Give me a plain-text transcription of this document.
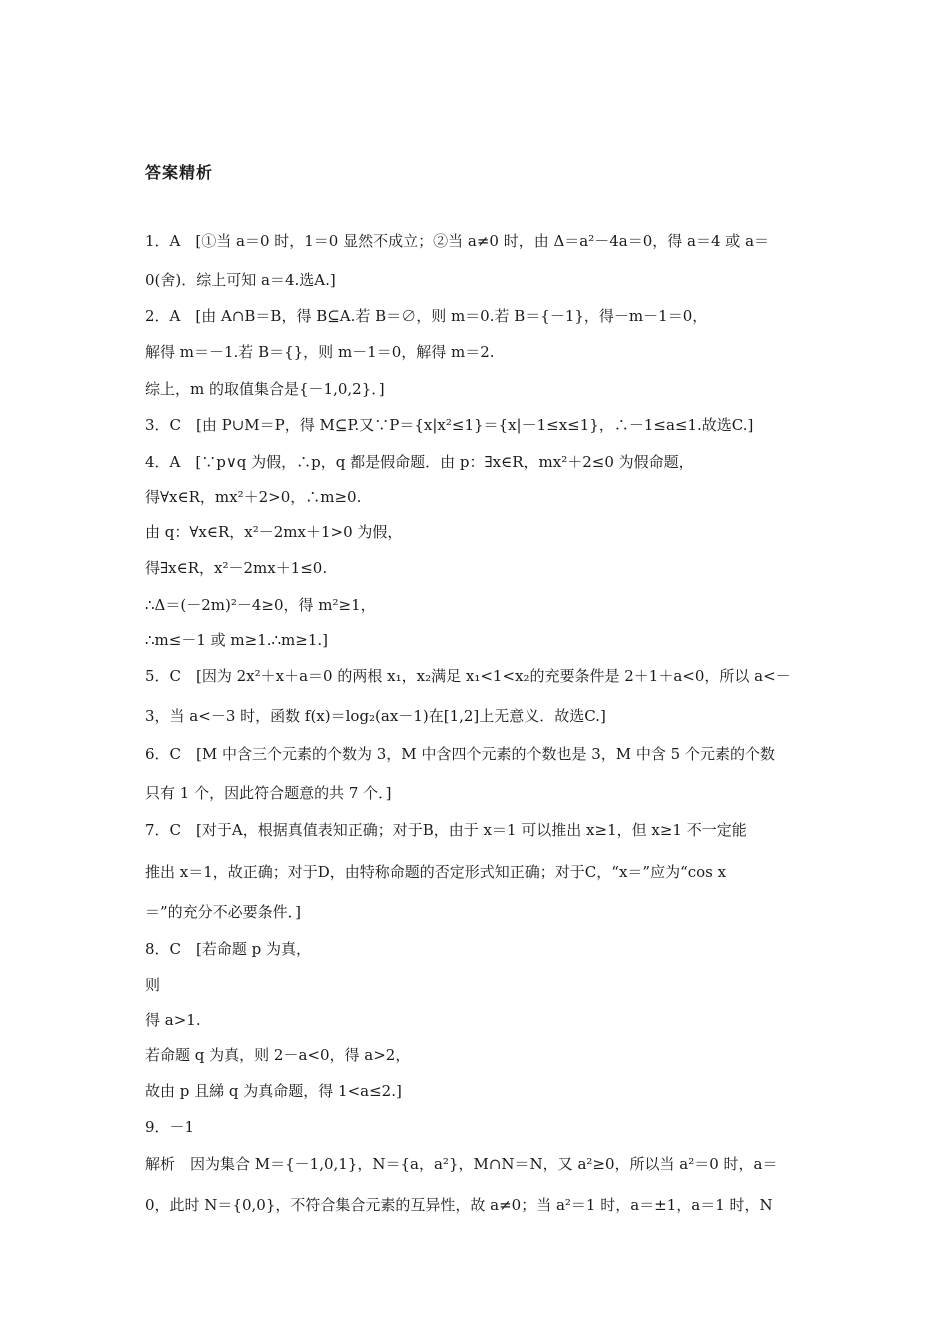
答案精析
1．A　[①当 a＝0 时，1＝0 显然不成立；②当 a≠0 时，由 Δ＝a²－4a＝0，得 a＝4 或 a＝
0(舍)．综上可知 a＝4.选A.]
2．A　[由 A∩B＝B，得 B⊆A.若 B＝∅，则 m＝0.若 B＝{－1}，得－m－1＝0，
解得 m＝－1.若 B＝{}，则 m－1＝0，解得 m＝2.
综上，m 的取值集合是{－1,0,2}．]
3．C　[由 P∪M＝P，得 M⊆P.又∵P＝{x|x²≤1}＝{x|－1≤x≤1}，∴－1≤a≤1.故选C.]
4．A　[∵p∨q 为假，∴p，q 都是假命题．由 p：∃x∈R，mx²＋2≤0 为假命题，
得∀x∈R，mx²＋2>0，∴m≥0.
由 q：∀x∈R，x²－2mx＋1>0 为假，
得∃x∈R，x²－2mx＋1≤0.
∴Δ＝(－2m)²－4≥0，得 m²≥1，
∴m≤－1 或 m≥1.∴m≥1.]
5．C　[因为 2x²＋x＋a＝0 的两根 x₁，x₂满足 x₁<1<x₂的充要条件是 2＋1＋a<0，所以 a<－
3，当 a<－3 时，函数 f(x)＝log₂(ax－1)在[1,2]上无意义．故选C.]
6．C　[M 中含三个元素的个数为 3，M 中含四个元素的个数也是 3，M 中含 5 个元素的个数
只有 1 个，因此符合题意的共 7 个．]
7．C　[对于A，根据真值表知正确；对于B，由于 x＝1 可以推出 x≥1，但 x≥1 不一定能
推出 x＝1，故正确；对于D，由特称命题的否定形式知正确；对于C，“x＝”应为“cos x
＝”的充分不必要条件．]
8．C　[若命题 p 为真，
则
得 a>1.
若命题 q 为真，则 2－a<0，得 a>2，
故由 p 且綈 q 为真命题，得 1<a≤2.]
9．－1
解析　因为集合 M＝{－1,0,1}，N＝{a，a²}，M∩N＝N，又 a²≥0，所以当 a²＝0 时，a＝
0，此时 N＝{0,0}，不符合集合元素的互异性，故 a≠0；当 a²＝1 时，a＝±1，a＝1 时，N
